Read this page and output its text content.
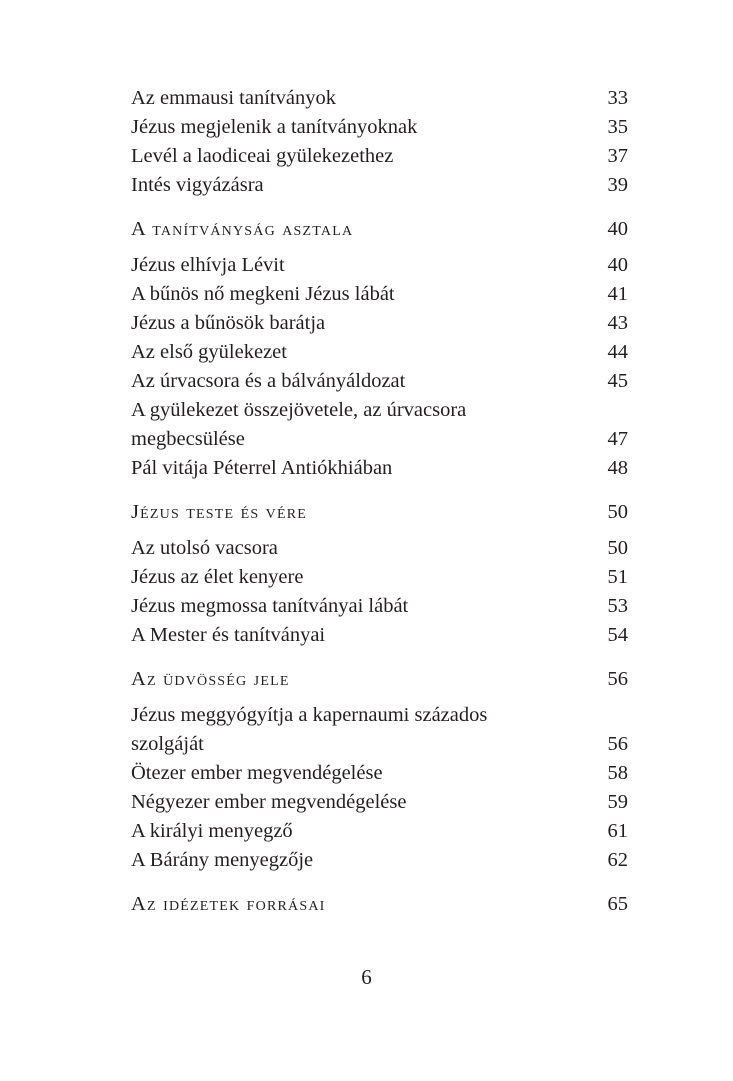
Az emmausi tanítványok	33
Jézus megjelenik a tanítványoknak	35
Levél a laodiceai gyülekezethez	37
Intés vigyázásra	39
A tanítványság asztala	40
Jézus elhívja Lévit	40
A bűnös nő megkeni Jézus lábát	41
Jézus a bűnösök barátja	43
Az első gyülekezet	44
Az úrvacsora és a bálványáldozat	45
A gyülekezet összejövetele, az úrvacsora
megbecsülése	47
Pál vitája Péterrel Antiókhiában	48
Jézus teste és vére	50
Az utolsó vacsora	50
Jézus az élet kenyere	51
Jézus megmossa tanítványai lábát	53
A Mester és tanítványai	54
Az üdvösség jele	56
Jézus meggyógyítja a kapernaumi százados
szolgáját	56
Ötezer ember megvendégelése	58
Négyezer ember megvendégelése	59
A királyi menyegző	61
A Bárány menyegzője	62
Az idézetek forrásai	65
6
